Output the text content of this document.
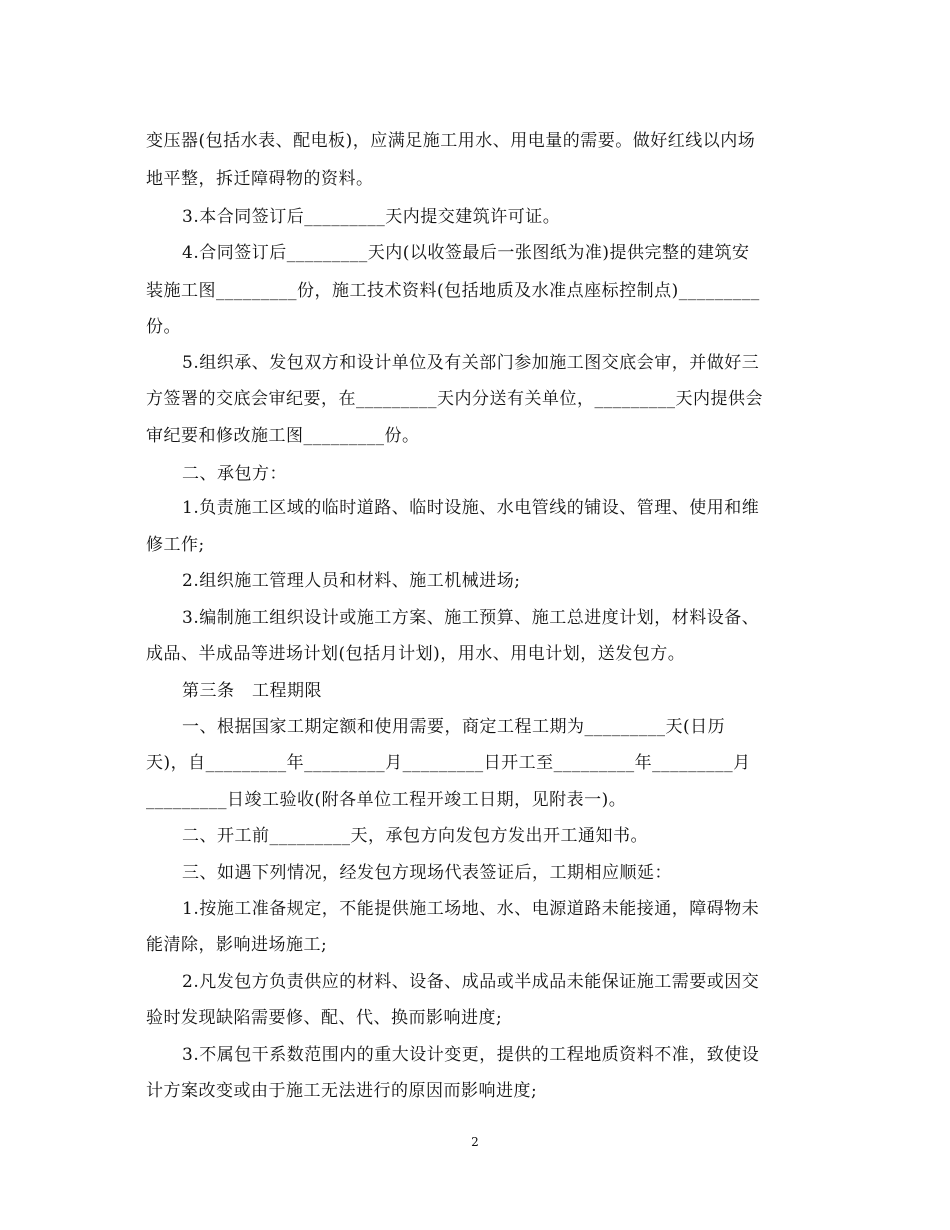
变压器(包括水表、配电板)，应满足施工用水、用电量的需要。做好红线以内场
地平整，拆迁障碍物的资料。
3.本合同签订后_________天内提交建筑许可证。
4.合同签订后_________天内(以收签最后一张图纸为准)提供完整的建筑安
装施工图_________份，施工技术资料(包括地质及水准点座标控制点)_________
份。
5.组织承、发包双方和设计单位及有关部门参加施工图交底会审，并做好三
方签署的交底会审纪要，在_________天内分送有关单位，_________天内提供会
审纪要和修改施工图_________份。
二、承包方：
1.负责施工区域的临时道路、临时设施、水电管线的铺设、管理、使用和维
修工作;
2.组织施工管理人员和材料、施工机械进场;
3.编制施工组织设计或施工方案、施工预算、施工总进度计划，材料设备、
成品、半成品等进场计划(包括月计划)，用水、用电计划，送发包方。
第三条　工程期限
一、根据国家工期定额和使用需要，商定工程工期为_________天(日历
天)，自_________年_________月_________日开工至_________年_________月
_________日竣工验收(附各单位工程开竣工日期，见附表一)。
二、开工前_________天，承包方向发包方发出开工通知书。
三、如遇下列情况，经发包方现场代表签证后，工期相应顺延：
1.按施工准备规定，不能提供施工场地、水、电源道路未能接通，障碍物未
能清除，影响进场施工;
2.凡发包方负责供应的材料、设备、成品或半成品未能保证施工需要或因交
验时发现缺陷需要修、配、代、换而影响进度;
3.不属包干系数范围内的重大设计变更，提供的工程地质资料不准，致使设
计方案改变或由于施工无法进行的原因而影响进度;
2
